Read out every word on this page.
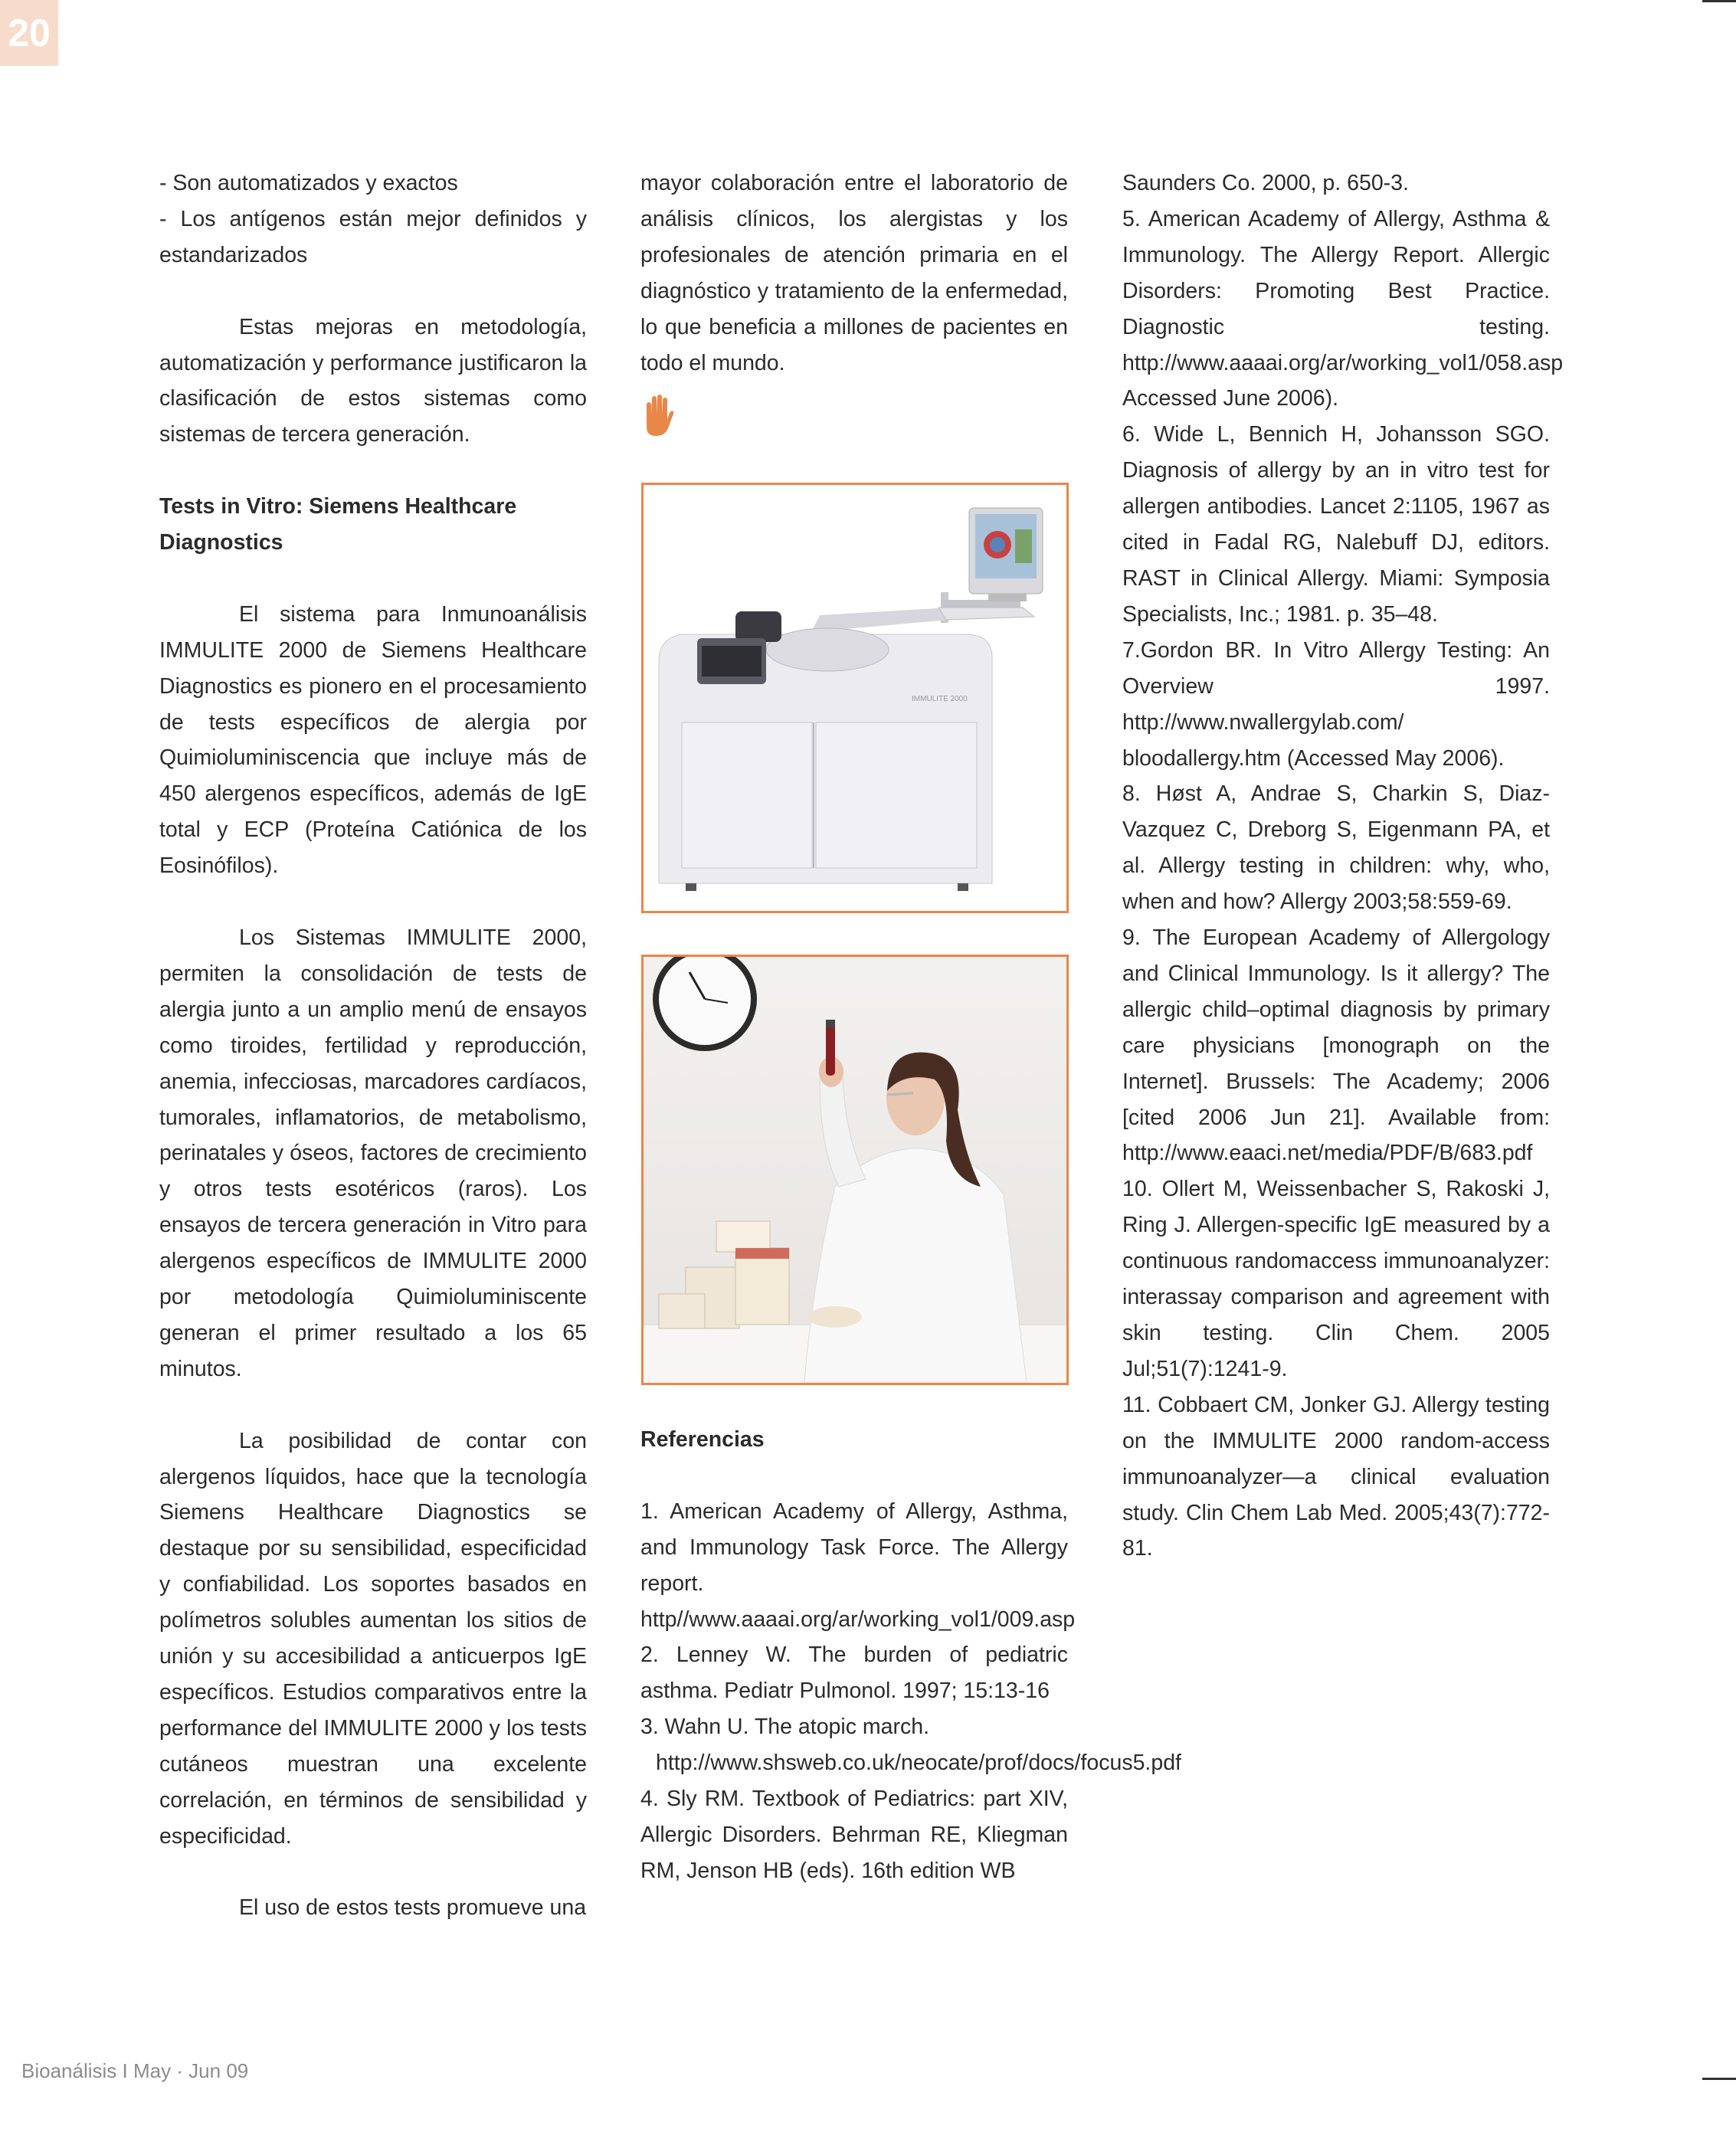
20

- Son automatizados y exactos

- Los antígenos están mejor definidos y estandarizados

Estas mejoras en metodología, automatización y performance justificaron la clasificación de estos sistemas como sistemas de tercera generación.

Tests in Vitro: Siemens Healthcare Diagnostics

El sistema para Inmunoanálisis IMMULITE 2000 de Siemens Healthcare Diagnostics es pionero en el procesamiento de tests específicos de alergia por Quimioluminiscencia que incluye más de 450 alergenos específicos, además de IgE total y ECP (Proteína Catiónica de los Eosinófilos).

Los Sistemas IMMULITE 2000, permiten la consolidación de tests de alergia junto a un amplio menú de ensayos como tiroides, fertilidad y reproducción, anemia, infecciosas, marcadores cardíacos, tumorales, inflamatorios, de metabolismo, perinatales y óseos, factores de crecimiento y otros tests esotéricos (raros). Los ensayos de tercera generación in Vitro para alergenos específicos de IMMULITE 2000 por metodología Quimioluminiscente generan el primer resultado a los 65 minutos.

La posibilidad de contar con alergenos líquidos, hace que la tecnología Siemens Healthcare Diagnostics se destaque por su sensibilidad, especificidad y confiabilidad. Los soportes basados en polímetros solubles aumentan los sitios de unión y su accesibilidad a anticuerpos IgE específicos. Estudios comparativos entre la performance del IMMULITE 2000 y los tests cutáneos muestran una excelente correlación, en términos de sensibilidad y especificidad.

El uso de estos tests promueve una

mayor colaboración entre el laboratorio de análisis clínicos, los alergistas y los profesionales de atención primaria en el diagnóstico y tratamiento de la enfermedad, lo que beneficia a millones de pacientes en todo el mundo.

IMMULITE 2000
Referencias

1. American Academy of Allergy, Asthma, and Immunology Task Force. The Allergy report. http//www.aaaai.org/ar/working_vol1/009.asp

2. Lenney W. The burden of pediatric asthma. Pediatr Pulmonol. 1997; 15:13-16

3. Wahn U. The atopic march.

http://www.shsweb.co.uk/neocate/prof/docs/focus5.pdf

4. Sly RM. Textbook of Pediatrics: part XIV, Allergic Disorders. Behrman RE, Kliegman RM, Jenson HB (eds). 16th edition WB

Saunders Co. 2000, p. 650-3.

5. American Academy of Allergy, Asthma & Immunology. The Allergy Report. Allergic Disorders: Promoting Best Practice. Diagnostic testing. http://www.aaaai.org/ar/working_vol1/058.asp Accessed June 2006).

6. Wide L, Bennich H, Johansson SGO. Diagnosis of allergy by an in vitro test for allergen antibodies. Lancet 2:1105, 1967 as cited in Fadal RG, Nalebuff DJ, editors. RAST in Clinical Allergy. Miami: Symposia Specialists, Inc.; 1981. p. 35–48.

7.Gordon BR. In Vitro Allergy Testing: An Overview 1997. http://www.nwallergylab.com/ bloodallergy.htm (Accessed May 2006).

8. Høst A, Andrae S, Charkin S, Diaz-Vazquez C, Dreborg S, Eigenmann PA, et al. Allergy testing in children: why, who, when and how? Allergy 2003;58:559-69.

9. The European Academy of Allergology and Clinical Immunology. Is it allergy? The allergic child–optimal diagnosis by primary care physicians [monograph on the Internet]. Brussels: The Academy; 2006 [cited 2006 Jun 21]. Available from: http://www.eaaci.net/media/PDF/B/683.pdf

10. Ollert M, Weissenbacher S, Rakoski J, Ring J. Allergen-specific IgE measured by a continuous randomaccess immunoanalyzer: interassay comparison and agreement with skin testing. Clin Chem. 2005 Jul;51(7):1241-9.

11. Cobbaert CM, Jonker GJ. Allergy testing on the IMMULITE 2000 random-access immunoanalyzer—a clinical evaluation study. Clin Chem Lab Med. 2005;43(7):772-81.

Bioanálisis I May · Jun 09
